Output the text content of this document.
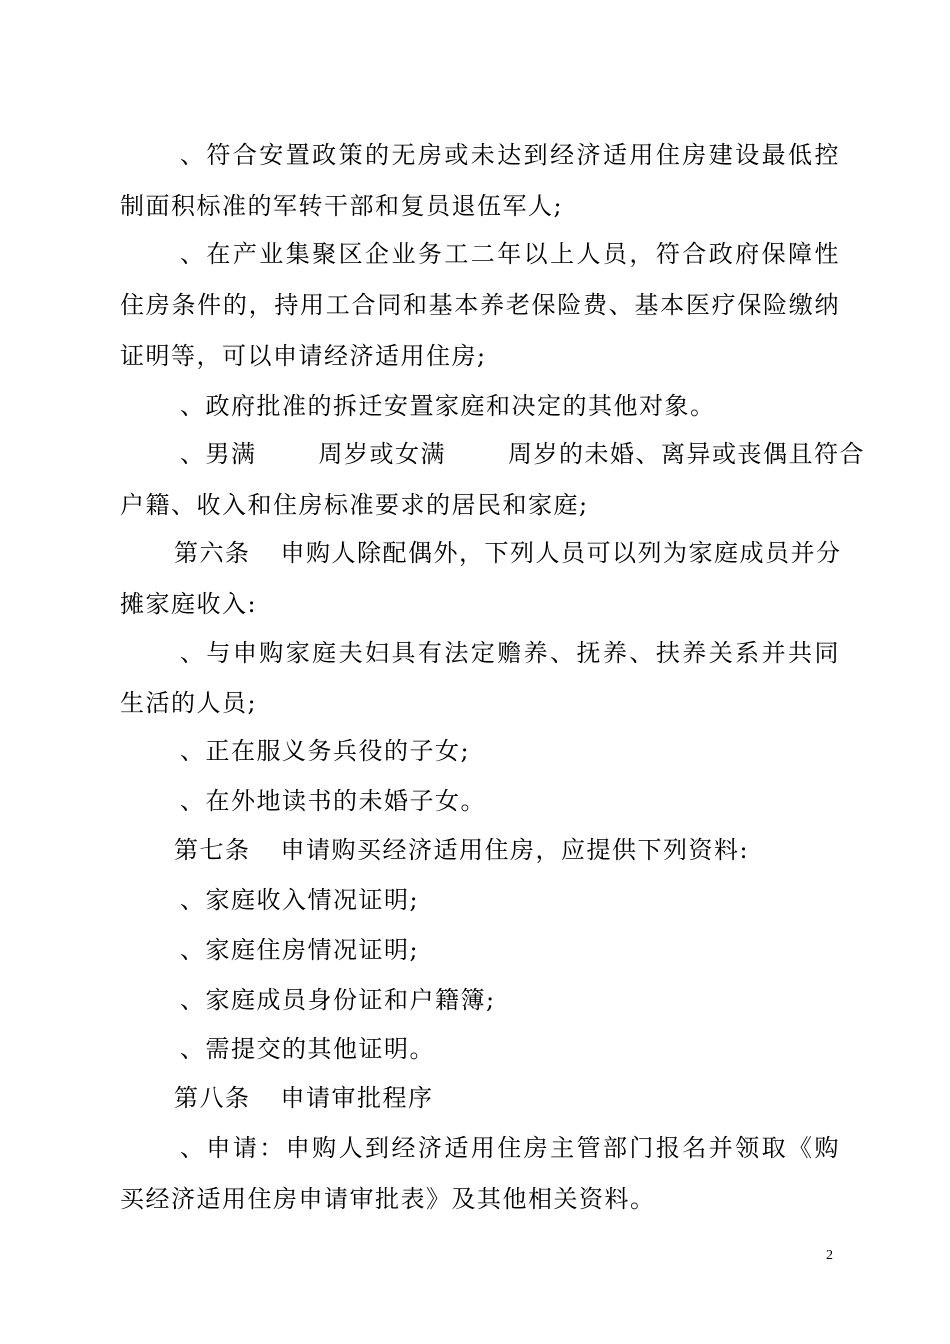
、符合安置政策的无房或未达到经济适用住房建设最低控
制面积标准的军转干部和复员退伍军人;
、在产业集聚区企业务工二年以上人员，符合政府保障性
住房条件的，持用工合同和基本养老保险费、基本医疗保险缴纳
证明等，可以申请经济适用住房;
、政府批准的拆迁安置家庭和决定的其他对象。
、男满	周岁或女满	周岁的未婚、离异或丧偶且符合
户籍、收入和住房标准要求的居民和家庭;
第六条 申购人除配偶外，下列人员可以列为家庭成员并分
摊家庭收入:
、与申购家庭夫妇具有法定赡养、抚养、扶养关系并共同
生活的人员;
、正在服义务兵役的子女;
、在外地读书的未婚子女。
第七条 申请购买经济适用住房，应提供下列资料:
、家庭收入情况证明;
、家庭住房情况证明;
、家庭成员身份证和户籍簿;
、需提交的其他证明。
第八条 申请审批程序
、申请：申购人到经济适用住房主管部门报名并领取《购
买经济适用住房申请审批表》及其他相关资料。
2
